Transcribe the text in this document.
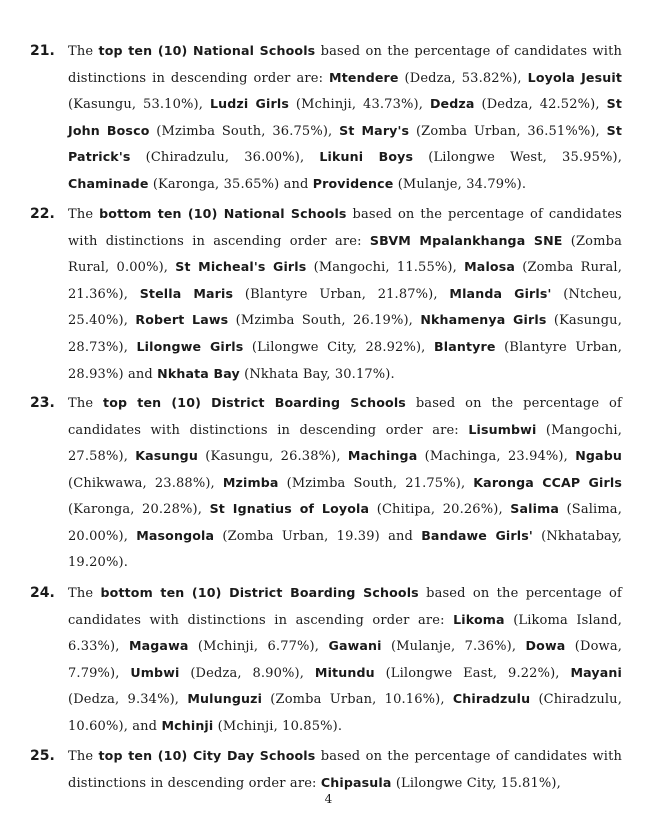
21. The top ten (10) National Schools based on the percentage of candidates with distinctions in descending order are: Mtendere (Dedza, 53.82%), Loyola Jesuit (Kasungu, 53.10%), Ludzi Girls (Mchinji, 43.73%), Dedza (Dedza, 42.52%), St John Bosco (Mzimba South, 36.75%), St Mary's (Zomba Urban, 36.51%%), St Patrick's (Chiradzulu, 36.00%), Likuni Boys (Lilongwe West, 35.95%), Chaminade (Karonga, 35.65%) and Providence (Mulanje, 34.79%).
22. The bottom ten (10) National Schools based on the percentage of candidates with distinctions in ascending order are: SBVM Mpalankhanga SNE (Zomba Rural, 0.00%), St Micheal's Girls (Mangochi, 11.55%), Malosa (Zomba Rural, 21.36%), Stella Maris (Blantyre Urban, 21.87%), Mlanda Girls' (Ntcheu, 25.40%), Robert Laws (Mzimba South, 26.19%), Nkhamenya Girls (Kasungu, 28.73%), Lilongwe Girls (Lilongwe City, 28.92%), Blantyre (Blantyre Urban, 28.93%) and Nkhata Bay (Nkhata Bay, 30.17%).
23. The top ten (10) District Boarding Schools based on the percentage of candidates with distinctions in descending order are: Lisumbwi (Mangochi, 27.58%), Kasungu (Kasungu, 26.38%), Machinga (Machinga, 23.94%), Ngabu (Chikwawa, 23.88%), Mzimba (Mzimba South, 21.75%), Karonga CCAP Girls (Karonga, 20.28%), St Ignatius of Loyola (Chitipa, 20.26%), Salima (Salima, 20.00%), Masongola (Zomba Urban, 19.39) and Bandawe Girls' (Nkhatabay, 19.20%).
24. The bottom ten (10) District Boarding Schools based on the percentage of candidates with distinctions in ascending order are: Likoma (Likoma Island, 6.33%), Magawa (Mchinji, 6.77%), Gawani (Mulanje, 7.36%), Dowa (Dowa, 7.79%), Umbwi (Dedza, 8.90%), Mitundu (Lilongwe East, 9.22%), Mayani (Dedza, 9.34%), Mulunguzi (Zomba Urban, 10.16%), Chiradzulu (Chiradzulu, 10.60%), and Mchinji (Mchinji, 10.85%).
25. The top ten (10) City Day Schools based on the percentage of candidates with distinctions in descending order are: Chipasula (Lilongwe City, 15.81%),
4
